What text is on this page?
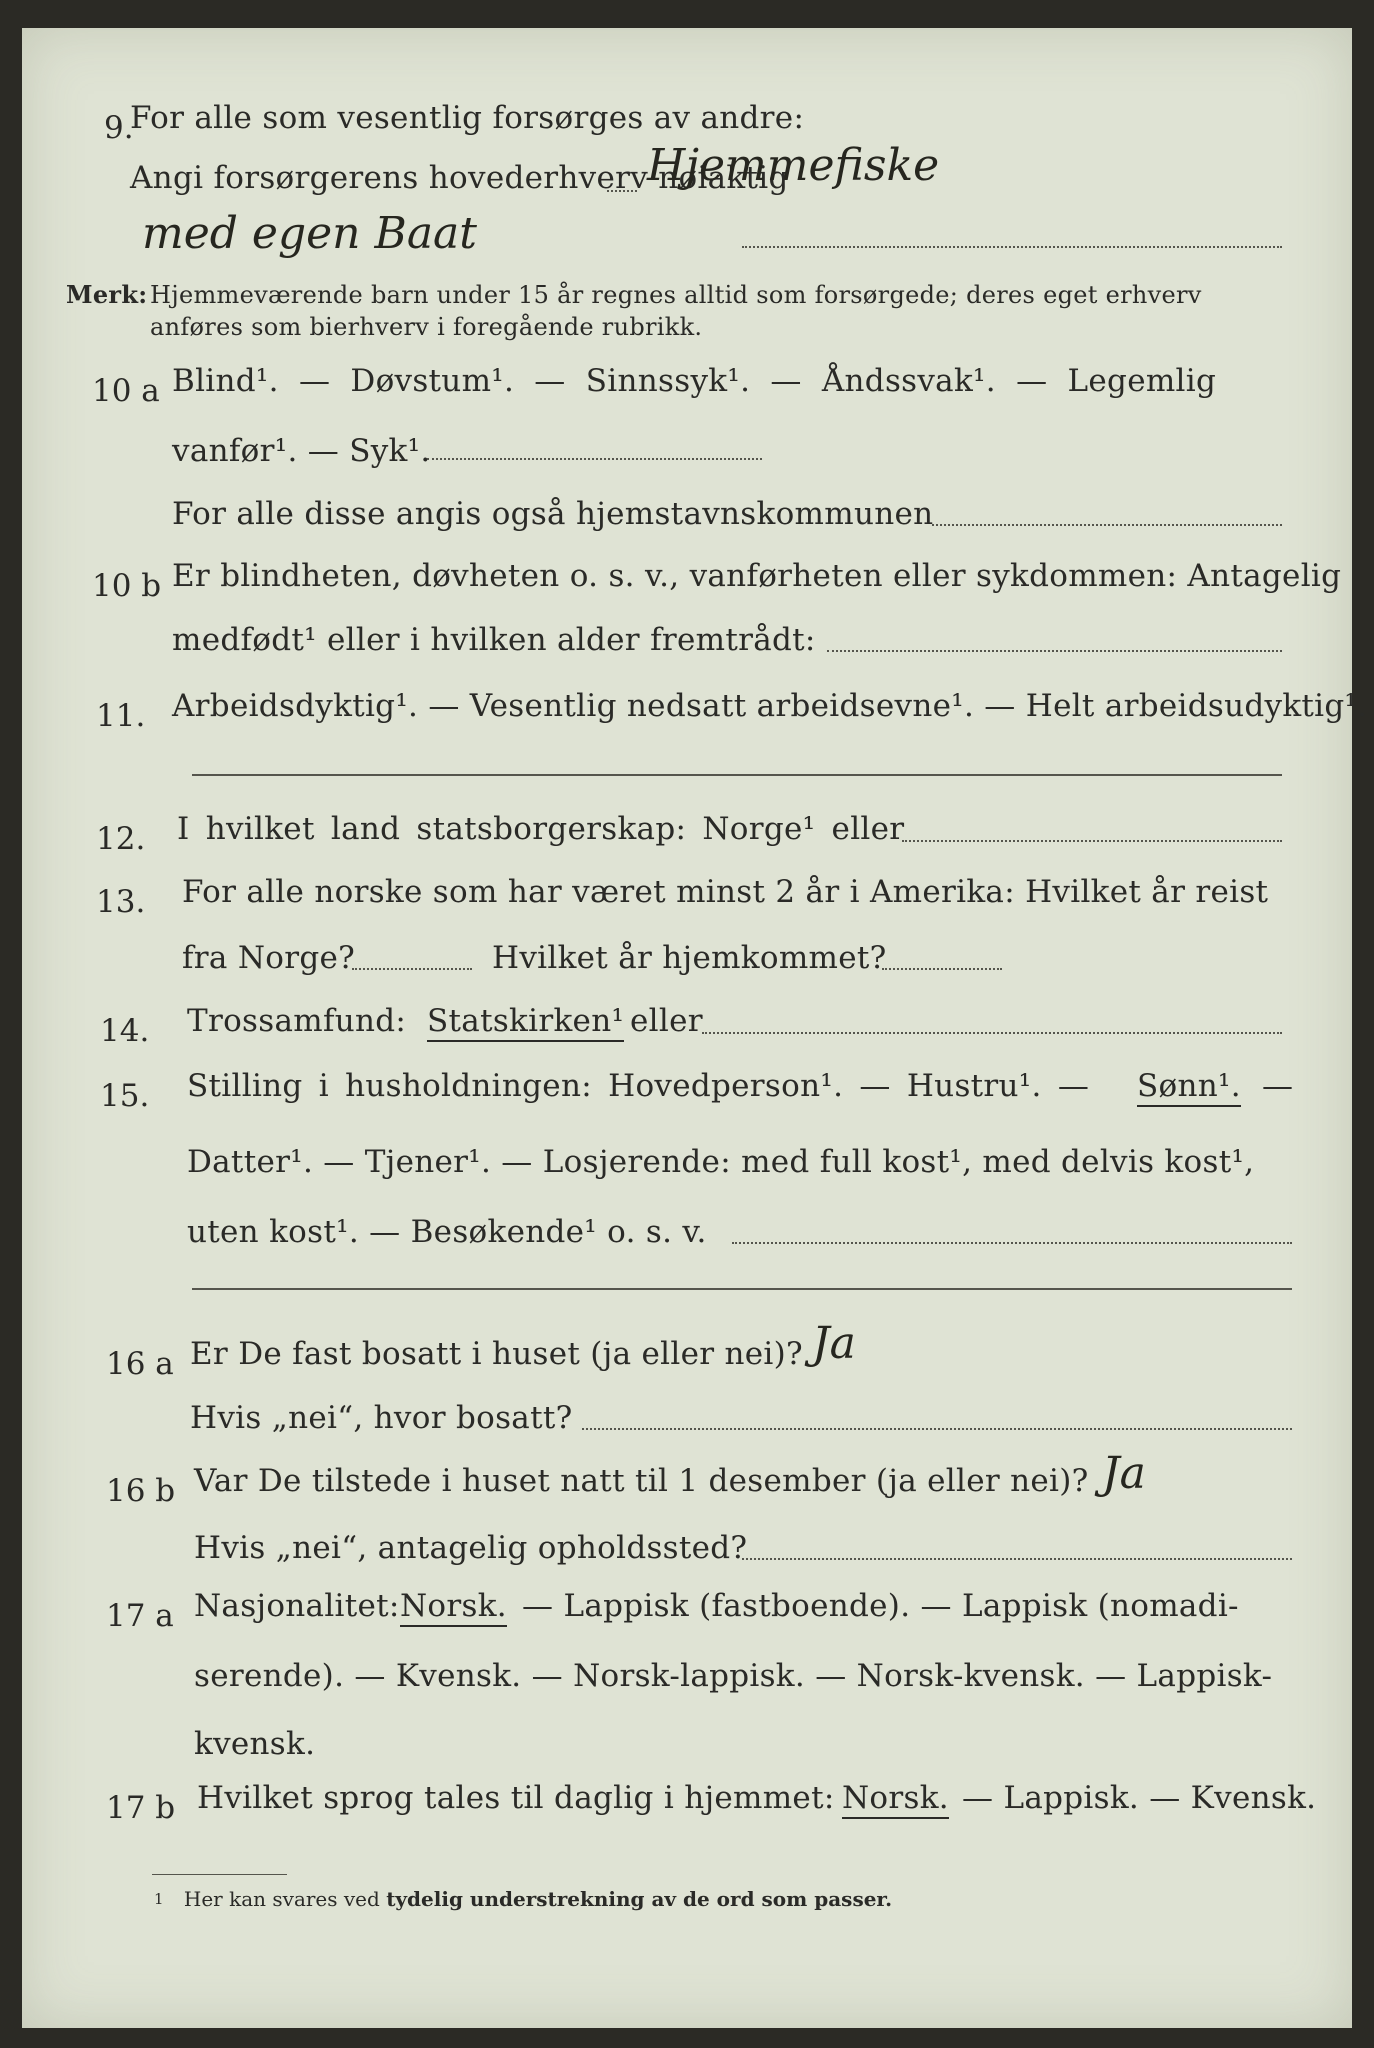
9.
For alle som vesentlig forsørges av andre:
Angi forsørgerens hovederhverv nøiaktig
Hjemmefiske
med egen Baat
Merk: Hjemmeværende barn under 15 år regnes alltid som forsørgede; deres eget erhverv
anføres som bierhverv i foregående rubrikk.
10 a Blind¹. — Døvstum¹. — Sinnssyk¹. — Åndssvak¹. — Legemlig
vanfør¹. — Syk¹.
For alle disse angis også hjemstavnskommunen
10 b Er blindheten, døvheten o. s. v., vanførheten eller sykdommen: Antagelig
medfødt¹ eller i hvilken alder fremtrådt:
11. Arbeidsdyktig¹. — Vesentlig nedsatt arbeidsevne¹. — Helt arbeidsudyktig¹.
12. I hvilket land statsborgerskap: Norge¹ eller
13. For alle norske som har været minst 2 år i Amerika: Hvilket år reist
fra Norge?	Hvilket år hjemkommet?
14. Trossamfund: Statskirken¹ eller
15. Stilling i husholdningen: Hovedperson¹. — Hustru¹. — Sønn¹. —
Datter¹. — Tjener¹. — Losjerende: med full kost¹, med delvis kost¹,
uten kost¹. — Besøkende¹ o. s. v.
16 a Er De fast bosatt i huset (ja eller nei)? Ja
Hvis „nei“, hvor bosatt?
16 b Var De tilstede i huset natt til 1 desember (ja eller nei)? Ja
Hvis „nei“, antagelig opholdssted?
17 a Nasjonalitet: Norsk. — Lappisk (fastboende). — Lappisk (nomadi-
serende). — Kvensk. — Norsk-lappisk. — Norsk-kvensk. — Lappisk-
kvensk.
17 b Hvilket sprog tales til daglig i hjemmet: Norsk. — Lappisk. — Kvensk.
$^1$ Her kan svares ved tydelig understrekning av de ord som passer.
